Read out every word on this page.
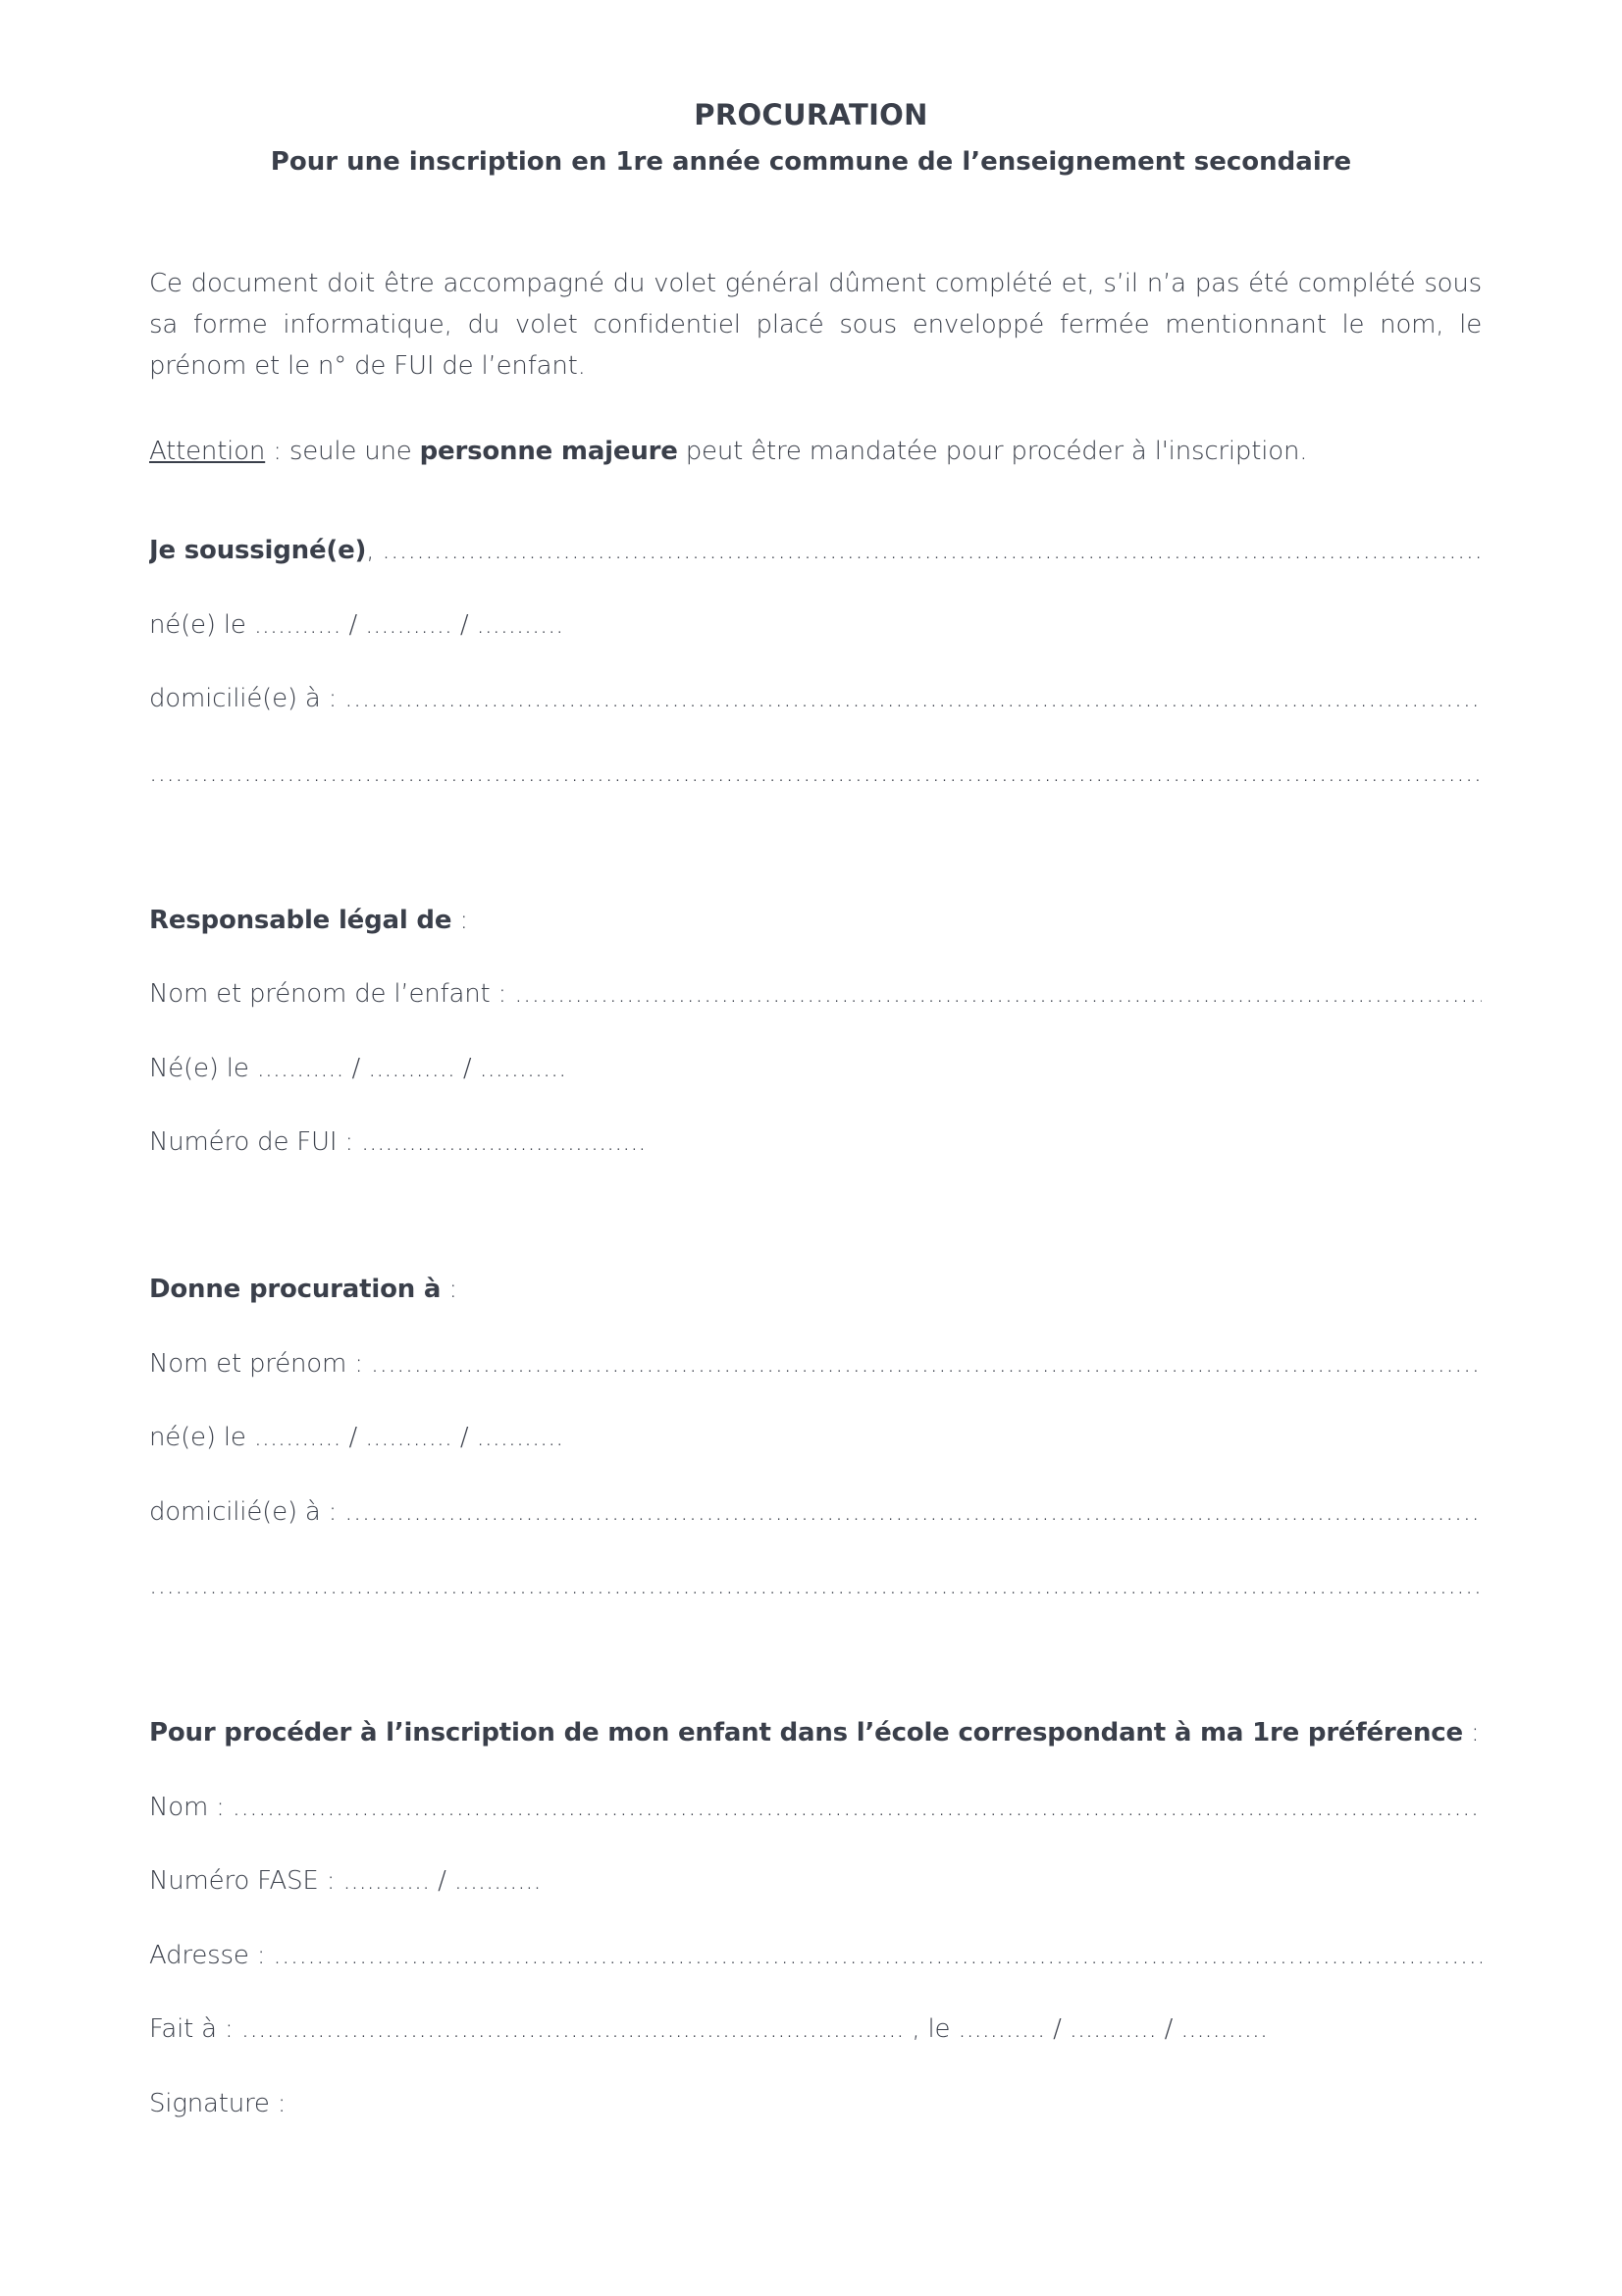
PROCURATION
Pour une inscription en 1re année commune de l’enseignement secondaire
Ce document doit être accompagné du volet général dûment complété et, s’il n’a pas été complété sous sa forme informatique, du volet confidentiel placé sous enveloppé fermée mentionnant le nom, le prénom et le n° de FUI de l’enfant.
Attention : seule une personne majeure peut être mandatée pour procéder à l'inscription.
Je soussigné(e),
.....
né(e) le ........... / ........... / ...........
domicilié(e) à :
.....
.....
Responsable légal de :
Nom et prénom de l’enfant :
.....
Né(e) le ........... / ........... / ...........
Numéro de FUI : ....................................
Donne procuration à :
Nom et prénom :
.....
né(e) le ........... / ........... / ...........
domicilié(e) à :
.....
.....
Pour procéder à l’inscription de mon enfant dans l’école correspondant à ma 1re préférence :
Nom :
.....
Numéro FASE : ........... / ...........
Adresse :
.....
Fait à : ……………………………………....................................... , le ........... / ........... / ...........
Signature :
